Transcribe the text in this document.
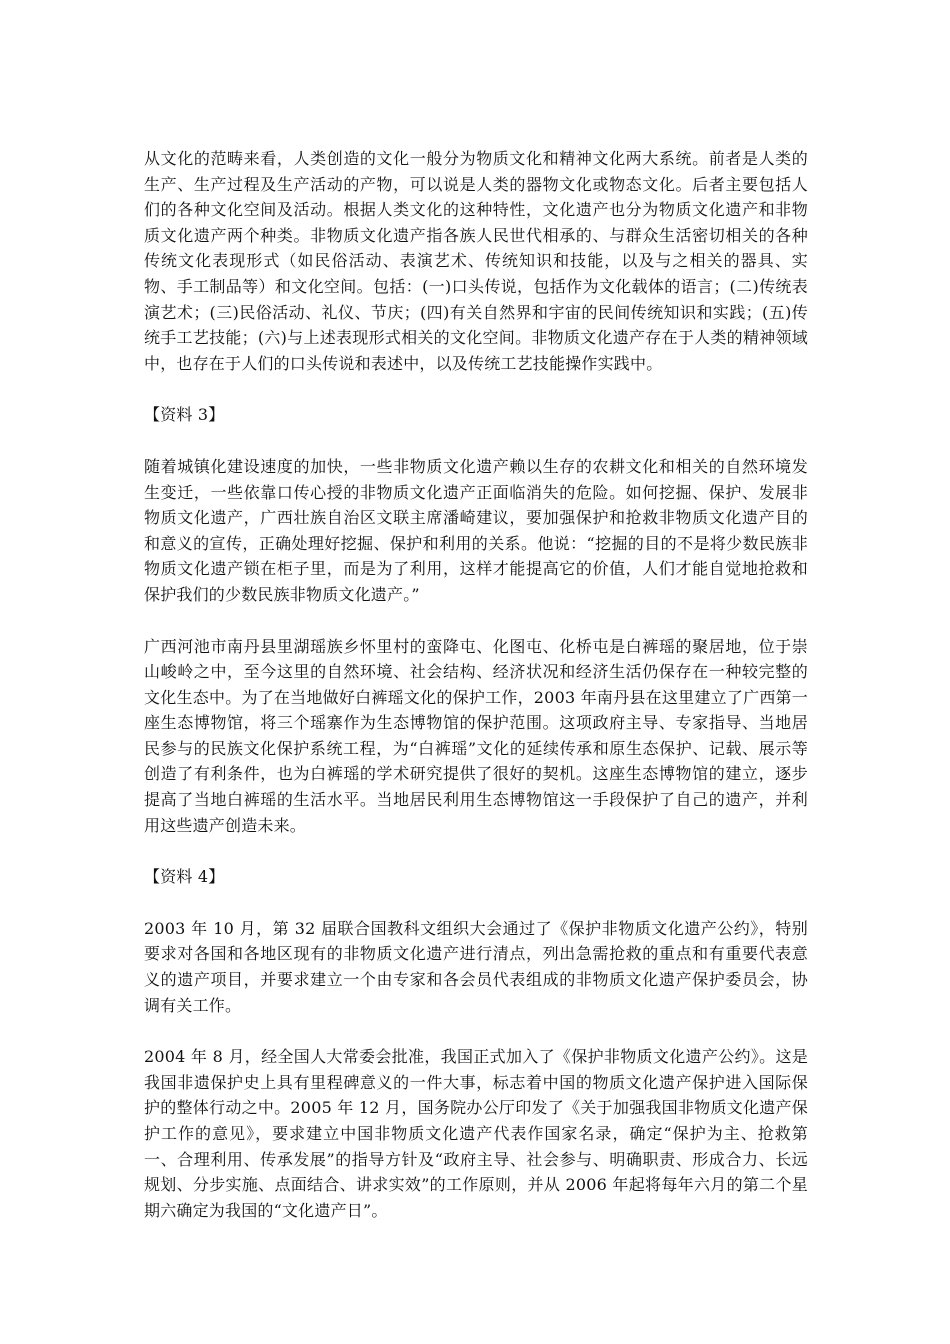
从文化的范畴来看，人类创造的文化一般分为物质文化和精神文化两大系统。前者是人类的生产、生产过程及生产活动的产物，可以说是人类的器物文化或物态文化。后者主要包括人们的各种文化空间及活动。根据人类文化的这种特性，文化遗产也分为物质文化遗产和非物质文化遗产两个种类。非物质文化遗产指各族人民世代相承的、与群众生活密切相关的各种传统文化表现形式（如民俗活动、表演艺术、传统知识和技能，以及与之相关的器具、实物、手工制品等）和文化空间。包括：(一)口头传说，包括作为文化载体的语言；(二)传统表演艺术；(三)民俗活动、礼仪、节庆；(四)有关自然界和宇宙的民间传统知识和实践；(五)传统手工艺技能；(六)与上述表现形式相关的文化空间。非物质文化遗产存在于人类的精神领域中，也存在于人们的口头传说和表述中，以及传统工艺技能操作实践中。

【资料 3】

随着城镇化建设速度的加快，一些非物质文化遗产赖以生存的农耕文化和相关的自然环境发生变迁，一些依靠口传心授的非物质文化遗产正面临消失的危险。如何挖掘、保护、发展非物质文化遗产，广西壮族自治区文联主席潘崎建议，要加强保护和抢救非物质文化遗产目的和意义的宣传，正确处理好挖掘、保护和利用的关系。他说：“挖掘的目的不是将少数民族非物质文化遗产锁在柜子里，而是为了利用，这样才能提高它的价值，人们才能自觉地抢救和保护我们的少数民族非物质文化遗产。”

广西河池市南丹县里湖瑶族乡怀里村的蛮降屯、化图屯、化桥屯是白裤瑶的聚居地，位于崇山峻岭之中，至今这里的自然环境、社会结构、经济状况和经济生活仍保存在一种较完整的文化生态中。为了在当地做好白裤瑶文化的保护工作，2003 年南丹县在这里建立了广西第一座生态博物馆，将三个瑶寨作为生态博物馆的保护范围。这项政府主导、专家指导、当地居民参与的民族文化保护系统工程，为“白裤瑶”文化的延续传承和原生态保护、记载、展示等创造了有利条件，也为白裤瑶的学术研究提供了很好的契机。这座生态博物馆的建立，逐步提高了当地白裤瑶的生活水平。当地居民利用生态博物馆这一手段保护了自己的遗产，并利用这些遗产创造未来。

【资料 4】

2003 年 10 月，第 32 届联合国教科文组织大会通过了《保护非物质文化遗产公约》，特别要求对各国和各地区现有的非物质文化遗产进行清点，列出急需抢救的重点和有重要代表意义的遗产项目，并要求建立一个由专家和各会员代表组成的非物质文化遗产保护委员会，协调有关工作。

2004 年 8 月，经全国人大常委会批准，我国正式加入了《保护非物质文化遗产公约》。这是我国非遗保护史上具有里程碑意义的一件大事，标志着中国的物质文化遗产保护进入国际保护的整体行动之中。2005 年 12 月，国务院办公厅印发了《关于加强我国非物质文化遗产保护工作的意见》，要求建立中国非物质文化遗产代表作国家名录，确定“保护为主、抢救第一、合理利用、传承发展”的指导方针及“政府主导、社会参与、明确职责、形成合力、长远规划、分步实施、点面结合、讲求实效”的工作原则，并从 2006 年起将每年六月的第二个星期六确定为我国的“文化遗产日”。
